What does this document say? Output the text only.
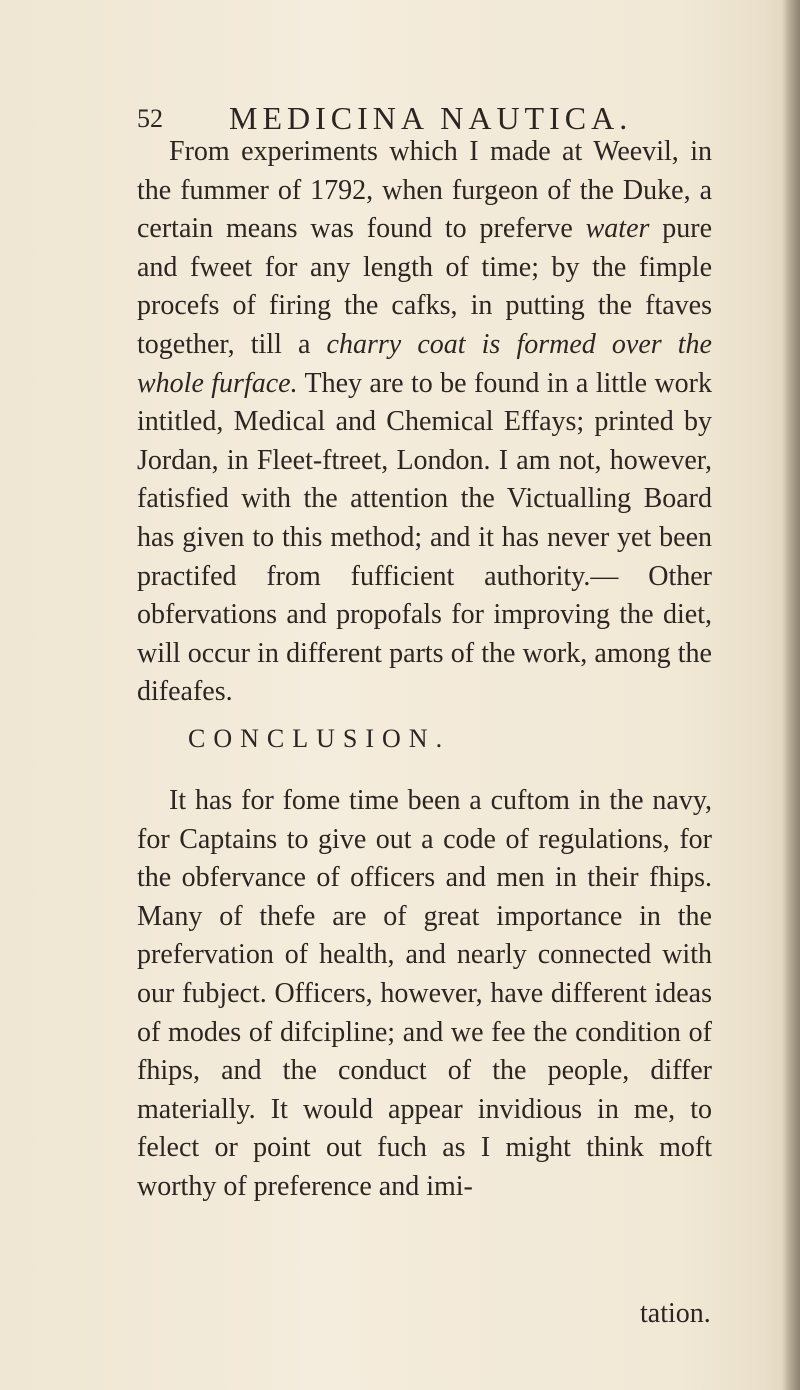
52 MEDICINA NAUTICA.

From experiments which I made at Weevil, in the fummer of 1792, when furgeon of the Duke, a certain means was found to preferve water pure and fweet for any length of time; by the fimple procefs of firing the cafks, in putting the ftaves together, till a charry coat is formed over the whole furface. They are to be found in a little work intitled, Medical and Chemical Effays; printed by Jordan, in Fleet-ftreet, London. I am not, however, fatisfied with the attention the Victualling Board has given to this method; and it has never yet been practifed from fufficient authority.— Other obfervations and propofals for improving the diet, will occur in different parts of the work, among the difeafes.

CONCLUSION.

It has for fome time been a cuftom in the navy, for Captains to give out a code of regulations, for the obfervance of officers and men in their fhips. Many of thefe are of great importance in the prefervation of health, and nearly connected with our fubject. Officers, however, have different ideas of modes of difcipline; and we fee the condition of fhips, and the conduct of the people, differ materially. It would appear invidious in me, to felect or point out fuch as I might think moft worthy of preference and imi-

tation.
